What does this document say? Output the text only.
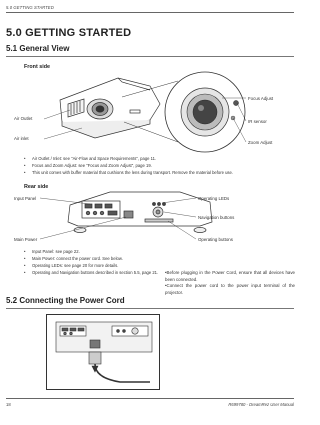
5.0 GETTING STARTED
5.0 GETTING STARTED
5.1 General View
Front side
Air Outlet
Air inlet
Focus Adjust
IR sensor
Zoom Adjust
• Air Outlet / Inlet: see "Air-Flow and Space Requirements", page 11.
• Focus and Zoom Adjust: see "Focus and Zoom Adjust", page 19.
• This unit comes with buffer material that cushions the lens during transport. Remove the material before use.
Rear side
Input Panel
Main Power
Operating LEDs
Navigation buttons
Operating buttons
• Input Panel: see page 22.
• Main Power: connect the power cord. See below.
• Operating LEDs: see page 20 for more details.
• Operating and Navigation buttons described in section 5.5, page 21.
5.2 Connecting the Power Cord
•Before plugging in the Power Cord, ensure that all devices have been connected.
•Connect the power cord to the power input terminal of the projector.
18	R699780 - DreamRez User Manual
